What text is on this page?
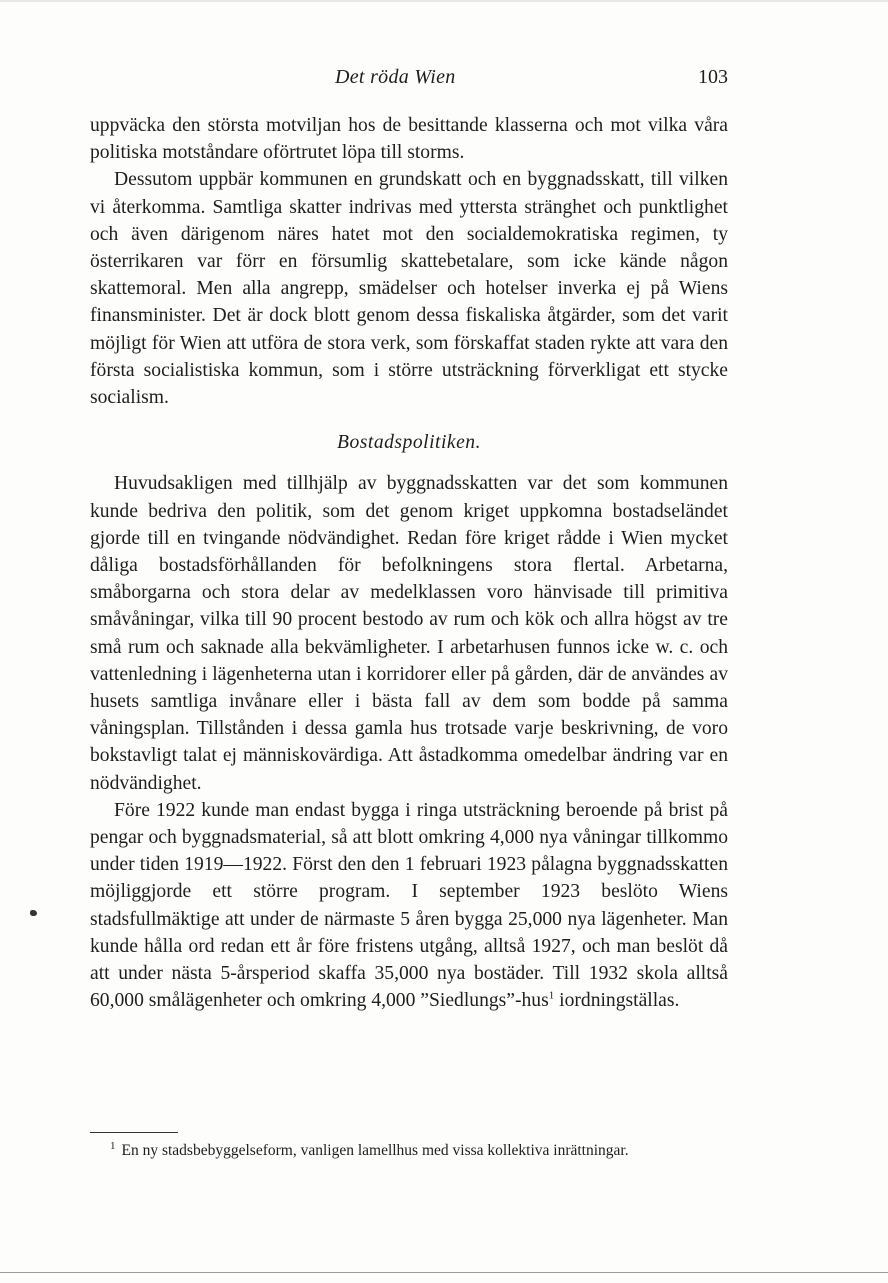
Det röda Wien	103

uppväcka den största motviljan hos de besittande klasserna och mot vilka våra politiska motståndare oförtrutet löpa till storms.

Dessutom uppbär kommunen en grundskatt och en byggnadsskatt, till vilken vi återkomma. Samtliga skatter indrivas med yttersta stränghet och punktlighet och även därigenom näres hatet mot den socialdemokratiska regimen, ty österrikaren var förr en försumlig skattebetalare, som icke kände någon skattemoral. Men alla angrepp, smädelser och hotelser inverka ej på Wiens finansminister. Det är dock blott genom dessa fiskaliska åtgärder, som det varit möjligt för Wien att utföra de stora verk, som förskaffat staden rykte att vara den första socialistiska kommun, som i större utsträckning förverkligat ett stycke socialism.

Bostadspolitiken.

Huvudsakligen med tillhjälp av byggnadsskatten var det som kommunen kunde bedriva den politik, som det genom kriget uppkomna bostadseländet gjorde till en tvingande nödvändighet. Redan före kriget rådde i Wien mycket dåliga bostadsförhållanden för befolkningens stora flertal. Arbetarna, småborgarna och stora delar av medelklassen voro hänvisade till primitiva småvåningar, vilka till 90 procent bestodo av rum och kök och allra högst av tre små rum och saknade alla bekvämligheter. I arbetarhusen funnos icke w. c. och vattenledning i lägenheterna utan i korridorer eller på gården, där de användes av husets samtliga invånare eller i bästa fall av dem som bodde på samma våningsplan. Tillstånden i dessa gamla hus trotsade varje beskrivning, de voro bokstavligt talat ej människovärdiga. Att åstadkomma omedelbar ändring var en nödvändighet.

Före 1922 kunde man endast bygga i ringa utsträckning beroende på brist på pengar och byggnadsmaterial, så att blott omkring 4,000 nya våningar tillkommo under tiden 1919—1922. Först den den 1 februari 1923 pålagna byggnadsskatten möjliggjorde ett större program. I september 1923 beslöto Wiens stadsfullmäktige att under de närmaste 5 åren bygga 25,000 nya lägenheter. Man kunde hålla ord redan ett år före fristens utgång, alltså 1927, och man beslöt då att under nästa 5-årsperiod skaffa 35,000 nya bostäder. Till 1932 skola alltså 60,000 smålägenheter och omkring 4,000 ”Siedlungs”-hus$^1$ iordningställas.

$^1$ En ny stadsbebyggelseform, vanligen lamellhus med vissa kollektiva inrättningar.
